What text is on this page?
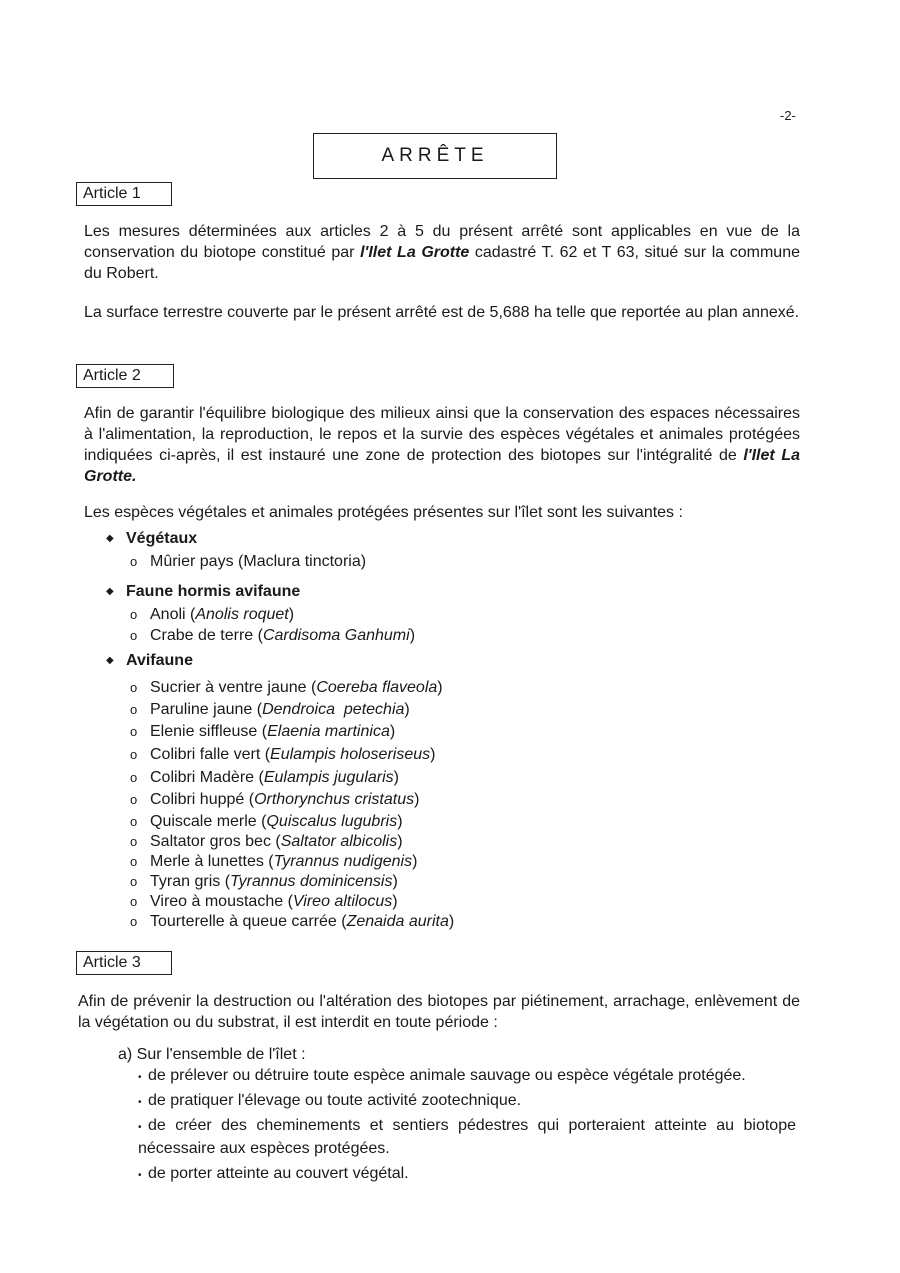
-2-
ARRÊTE
Article 1

Les mesures déterminées aux articles 2 à 5 du présent arrêté sont applicables en vue de la conservation du biotope constitué par l'Ilet La Grotte cadastré T. 62 et T 63, situé sur la commune du Robert.

La surface terrestre couverte par le présent arrêté est de 5,688 ha telle que reportée au plan annexé.

Article 2

Afin de garantir l'équilibre biologique des milieux ainsi que la conservation des espaces nécessaires à l'alimentation, la reproduction, le repos et la survie des espèces végétales et animales protégées indiquées ci-après, il est instauré une zone de protection des biotopes sur l'intégralité de l'Ilet La Grotte.

Les espèces végétales et animales protégées présentes sur l'îlet sont les suivantes :

◆ Végétaux
o Mûrier pays (Maclura tinctoria)
◆ Faune hormis avifaune
o Anoli (Anolis roquet)
o Crabe de terre (Cardisoma Ganhumi)
◆ Avifaune
o Sucrier à ventre jaune (Coereba flaveola)
o Paruline jaune (Dendroica  petechia)
o Elenie siffleuse (Elaenia martinica)
o Colibri falle vert (Eulampis holoseriseus)
o Colibri Madère (Eulampis jugularis)
o Colibri huppé (Orthorynchus cristatus)
o Quiscale merle (Quiscalus lugubris)
o Saltator gros bec (Saltator albicolis)
o Merle à lunettes (Tyrannus nudigenis)
o Tyran gris (Tyrannus dominicensis)
o Vireo à moustache (Vireo altilocus)
o Tourterelle à queue carrée (Zenaida aurita)
Article 3

Afin de prévenir la destruction ou l'altération des biotopes par piétinement, arrachage, enlèvement de la végétation ou du substrat, il est interdit en toute période :

a) Sur l'ensemble de l'îlet :
• de prélever ou détruire toute espèce animale sauvage ou espèce végétale protégée.
• de pratiquer l'élevage ou toute activité zootechnique.
• de créer des cheminements et sentiers pédestres qui porteraient atteinte au biotope nécessaire aux espèces protégées.
• de porter atteinte au couvert végétal.
